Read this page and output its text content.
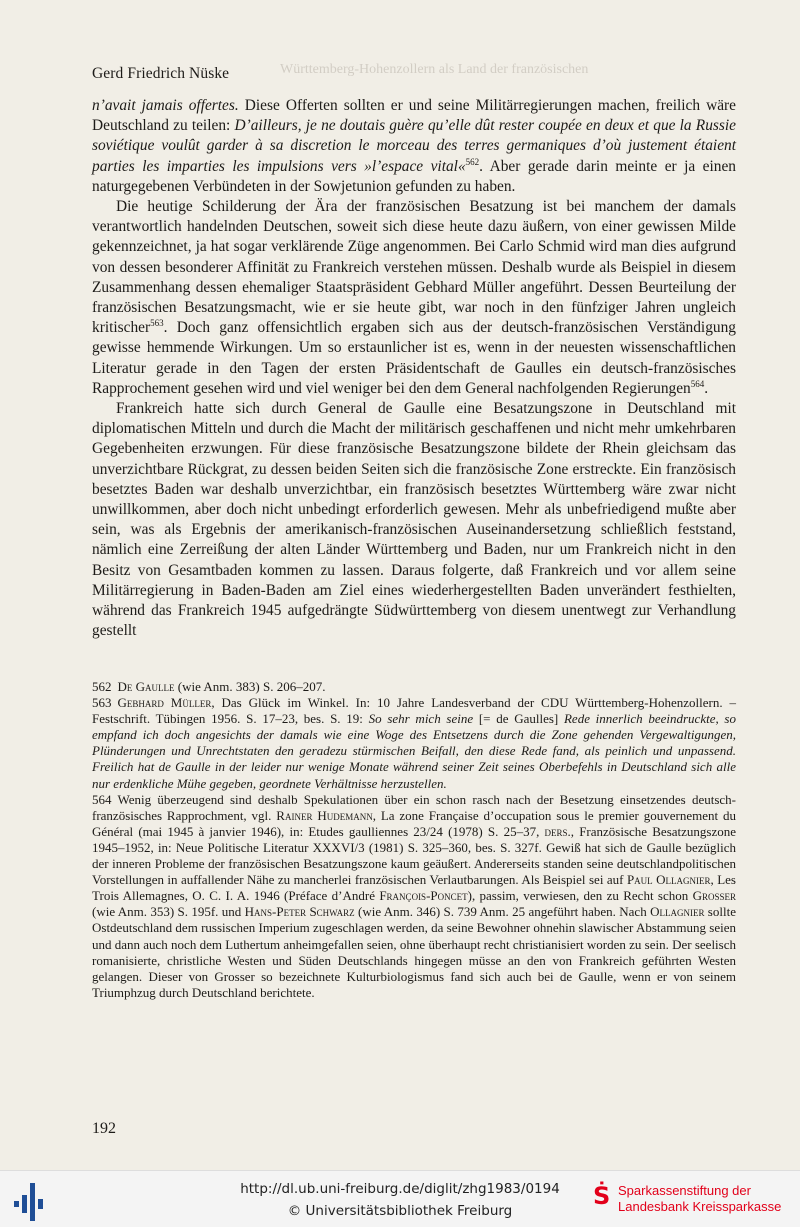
Württemberg-Hohenzollern als Land der französischen
Gerd Friedrich Nüske

n’avait jamais offertes. Diese Offerten sollten er und seine Militärregierungen machen, freilich wäre Deutschland zu teilen: D’ailleurs, je ne doutais guère qu’elle dût rester coupée en deux et que la Russie soviétique voulût garder à sa discretion le morceau des terres germaniques d’où justement étaient parties les imparties les impulsions vers »l’espace vital«$^{562}$. Aber gerade darin meinte er ja einen naturgegebenen Verbündeten in der Sowjetunion gefunden zu haben.

Die heutige Schilderung der Ära der französischen Besatzung ist bei manchem der damals verantwortlich handelnden Deutschen, soweit sich diese heute dazu äußern, von einer gewissen Milde gekennzeichnet, ja hat sogar verklärende Züge angenommen. Bei Carlo Schmid wird man dies aufgrund von dessen besonderer Affinität zu Frankreich verstehen müssen. Deshalb wurde als Beispiel in diesem Zusammenhang dessen ehemaliger Staatspräsident Gebhard Müller angeführt. Dessen Beurteilung der französischen Besatzungsmacht, wie er sie heute gibt, war noch in den fünfziger Jahren ungleich kritischer$^{563}$. Doch ganz offensichtlich ergaben sich aus der deutsch-französischen Verständigung gewisse hemmende Wirkungen. Um so erstaunlicher ist es, wenn in der neuesten wissenschaftlichen Literatur gerade in den Tagen der ersten Präsidentschaft de Gaulles ein deutsch-französisches Rapprochement gesehen wird und viel weniger bei den dem General nachfolgenden Regierungen$^{564}$.

Frankreich hatte sich durch General de Gaulle eine Besatzungszone in Deutschland mit diplomatischen Mitteln und durch die Macht der militärisch geschaffenen und nicht mehr umkehrbaren Gegebenheiten erzwungen. Für diese französische Besatzungszone bildete der Rhein gleichsam das unverzichtbare Rückgrat, zu dessen beiden Seiten sich die französische Zone erstreckte. Ein französisch besetztes Baden war deshalb unverzichtbar, ein französisch besetztes Württemberg wäre zwar nicht unwillkommen, aber doch nicht unbedingt erforderlich gewesen. Mehr als unbefriedigend mußte aber sein, was als Ergebnis der amerikanisch-französischen Auseinandersetzung schließlich feststand, nämlich eine Zerreißung der alten Länder Württemberg und Baden, nur um Frankreich nicht in den Besitz von Gesamtbaden kommen zu lassen. Daraus folgerte, daß Frankreich und vor allem seine Militärregierung in Baden-Baden am Ziel eines wiederhergestellten Baden unverändert festhielten, während das Frankreich 1945 aufgedrängte Südwürttemberg von diesem unentwegt zur Verhandlung gestellt

562 De Gaulle (wie Anm. 383) S. 206–207.

563 Gebhard Müller, Das Glück im Winkel. In: 10 Jahre Landesverband der CDU Württemberg-Hohenzollern. – Festschrift. Tübingen 1956. S. 17–23, bes. S. 19: So sehr mich seine [= de Gaulles] Rede innerlich beeindruckte, so empfand ich doch angesichts der damals wie eine Woge des Entsetzens durch die Zone gehenden Vergewaltigungen, Plünderungen und Unrechtstaten den geradezu stürmischen Beifall, den diese Rede fand, als peinlich und unpassend. Freilich hat de Gaulle in der leider nur wenige Monate während seiner Zeit seines Oberbefehls in Deutschland sich alle nur erdenkliche Mühe gegeben, geordnete Verhältnisse herzustellen.

564 Wenig überzeugend sind deshalb Spekulationen über ein schon rasch nach der Besetzung einsetzendes deutsch-französisches Rapprochment, vgl. Rainer Hudemann, La zone Française d’occupation sous le premier gouvernement du Général (mai 1945 à janvier 1946), in: Etudes gaulliennes 23/24 (1978) S. 25–37, ders., Französische Besatzungszone 1945–1952, in: Neue Politische Literatur XXXVI/3 (1981) S. 325–360, bes. S. 327f. Gewiß hat sich de Gaulle bezüglich der inneren Probleme der französischen Besatzungszone kaum geäußert. Andererseits standen seine deutschlandpolitischen Vorstellungen in auffallender Nähe zu mancherlei französischen Verlautbarungen. Als Beispiel sei auf Paul Ollagnier, Les Trois Allemagnes, O. C. I. A. 1946 (Préface d’André François-Poncet), passim, verwiesen, den zu Recht schon Grosser (wie Anm. 353) S. 195f. und Hans-Peter Schwarz (wie Anm. 346) S. 739 Anm. 25 angeführt haben. Nach Ollagnier sollte Ostdeutschland dem russischen Imperium zugeschlagen werden, da seine Bewohner ohnehin slawischer Abstammung seien und dann auch noch dem Luthertum anheimgefallen seien, ohne überhaupt recht christianisiert worden zu sein. Der seelisch romanisierte, christliche Westen und Süden Deutschlands hingegen müsse an den von Frankreich geführten Westen gelangen. Dieser von Grosser so bezeichnete Kulturbiologismus fand sich auch bei de Gaulle, wenn er von seinem Triumphzug durch Deutschland berichtete.

192
http://dl.ub.uni-freiburg.de/diglit/zhg1983/0194
© Universitätsbibliothek Freiburg
Ṡ Sparkassenstiftung der
Landesbank Kreissparkasse
